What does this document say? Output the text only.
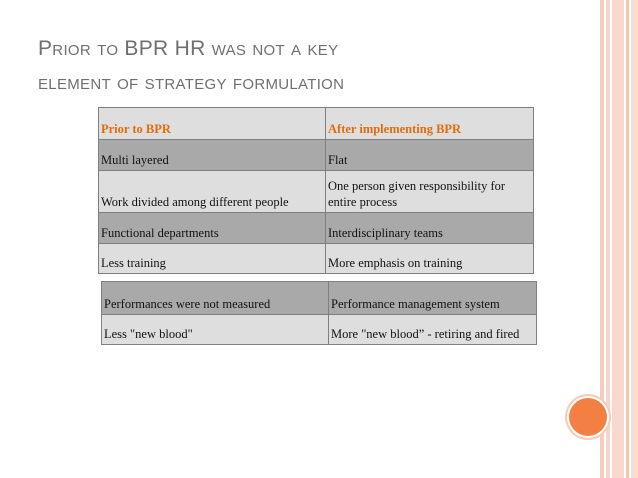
Prior to BPR HR was not a key
element of strategy formulation
Prior to BPR	After implementing BPR
Multi layered	Flat
Work divided among different people	One person given responsibility for entire process
Functional departments	Interdisciplinary teams
Less training	More emphasis on training
Performances were not measured	Performance management system
Less "new blood"	More "new blood” - retiring and fired
